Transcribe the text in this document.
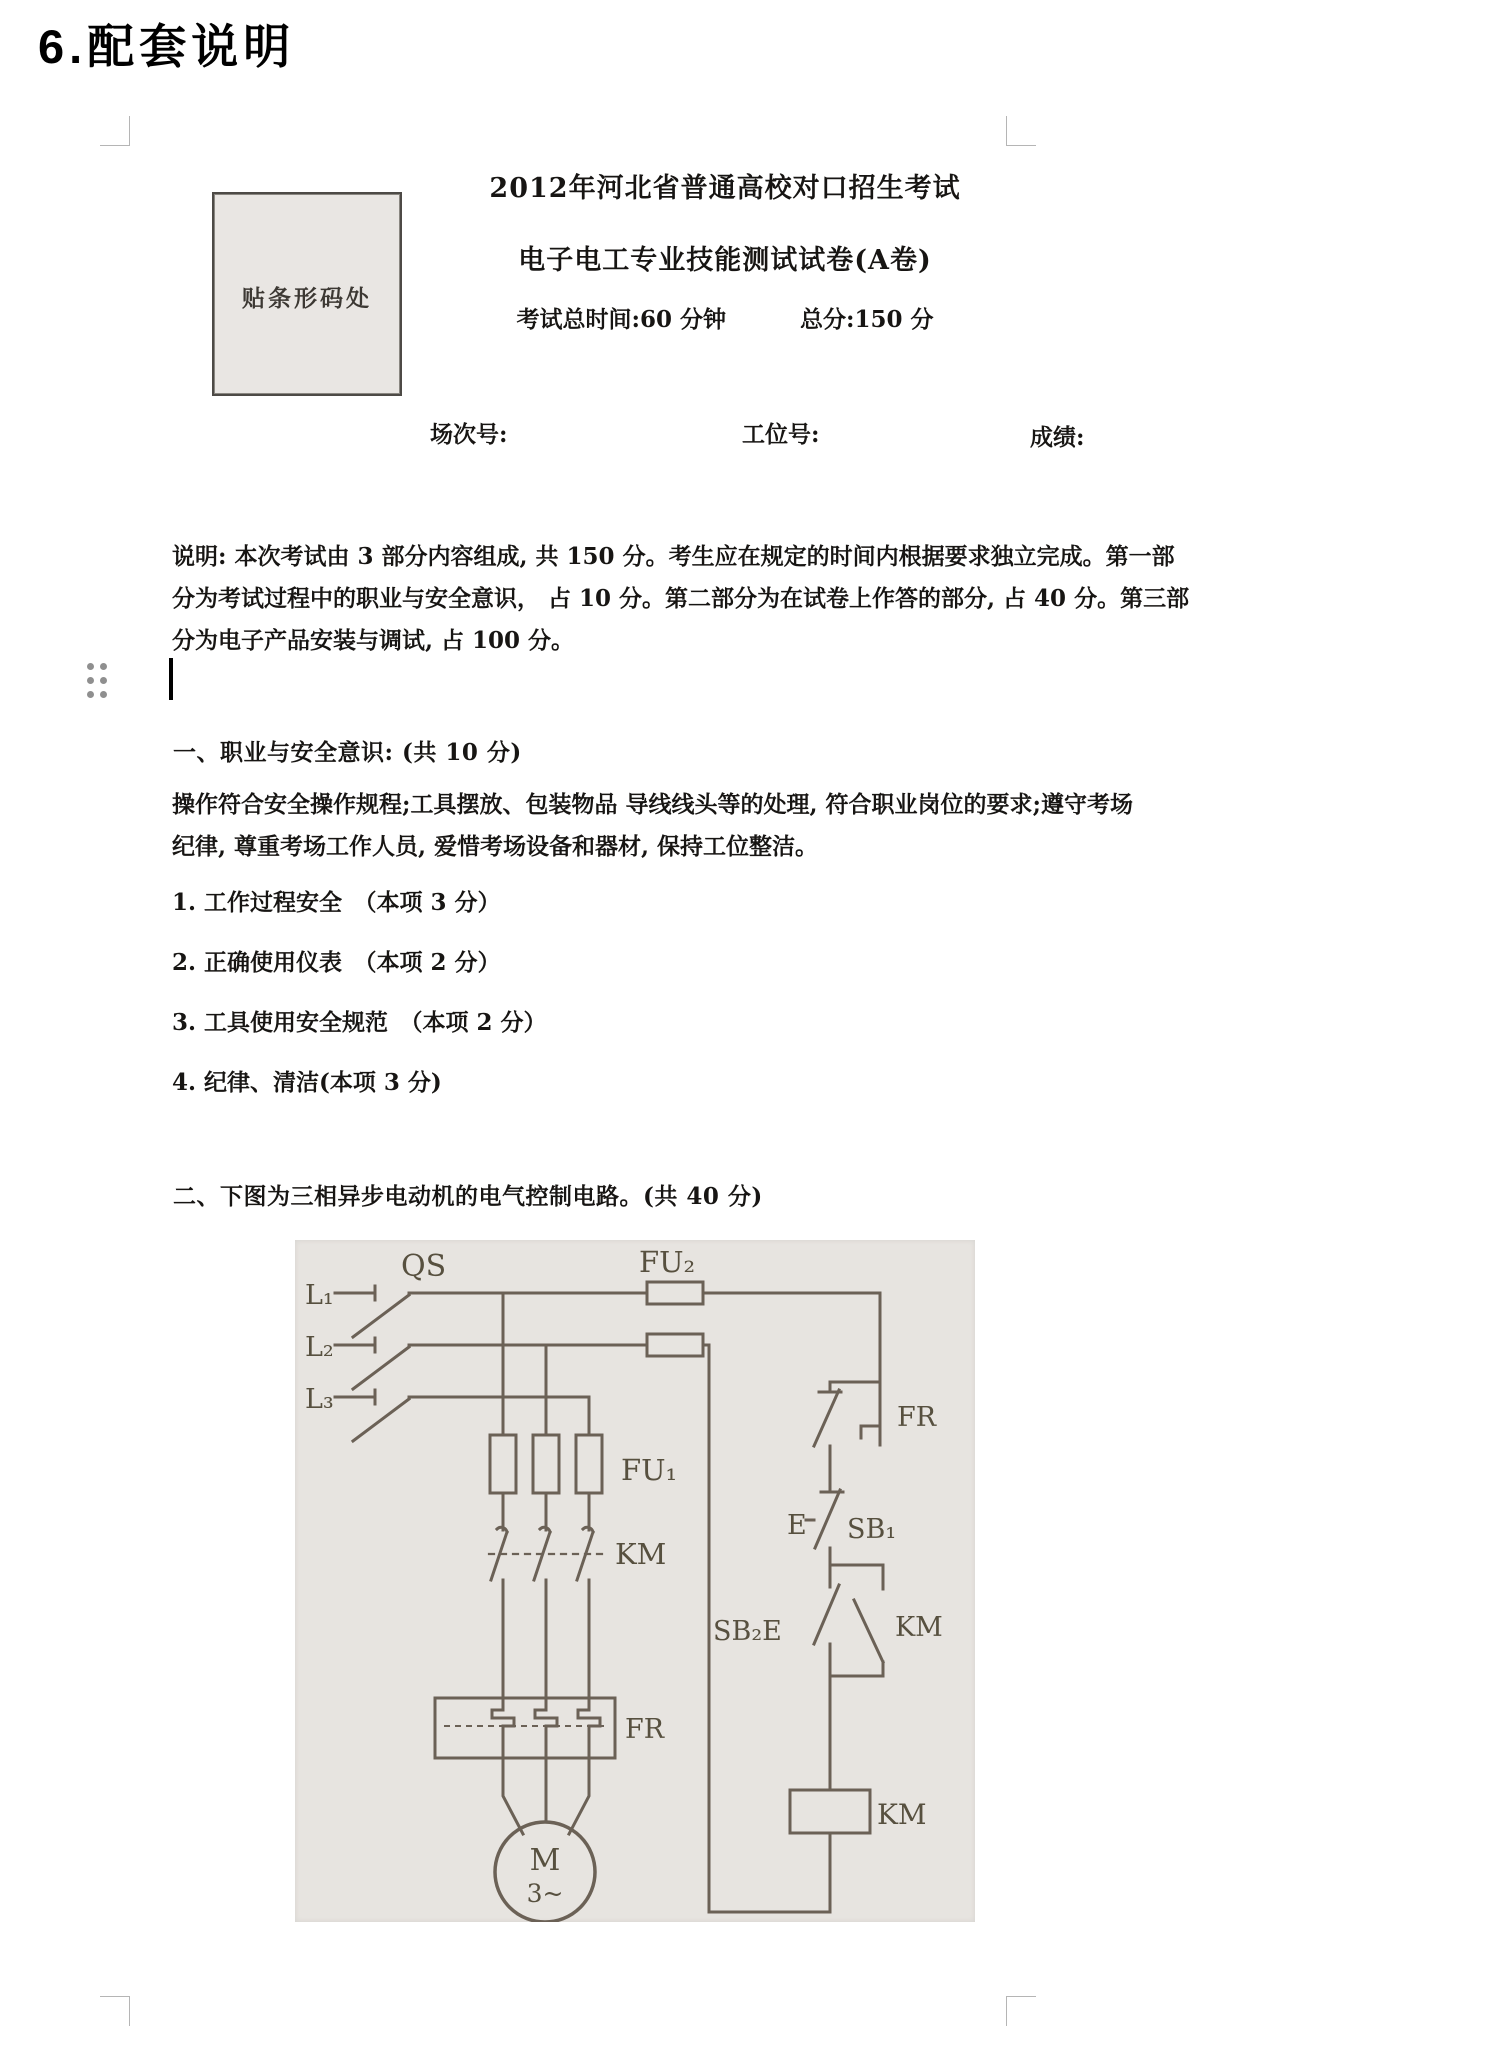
6.配套说明
贴条形码处
2012年河北省普通高校对口招生考试
电子电工专业技能测试试卷(A卷)
考试总时间:60 分钟	总分:150 分
场次号:	工位号:	成绩:
说明: 本次考试由 3 部分内容组成, 共 150 分。考生应在规定的时间内根据要求独立完成。第一部
分为考试过程中的职业与安全意识， 占 10 分。第二部分为在试卷上作答的部分, 占 40 分。第三部
分为电子产品安装与调试, 占 100 分。
一、职业与安全意识: (共 10 分)
操作符合安全操作规程;工具摆放、包装物品 导线线头等的处理, 符合职业岗位的要求;遵守考场
纪律, 尊重考场工作人员, 爱惜考场设备和器材, 保持工位整洁。
1. 工作过程安全　（本项 3 分）
2. 正确使用仪表　（本项 2 分）
3. 工具使用安全规范　（本项 2 分）
4. 纪律、清洁(本项 3 分)
二、下图为三相异步电动机的电气控制电路。(共 40 分)
L₁
L₂
L₃
QS	FU₂
FU₁
KM
FR
E SB₁
SB₂E	KM
FR
KM
M
3~
